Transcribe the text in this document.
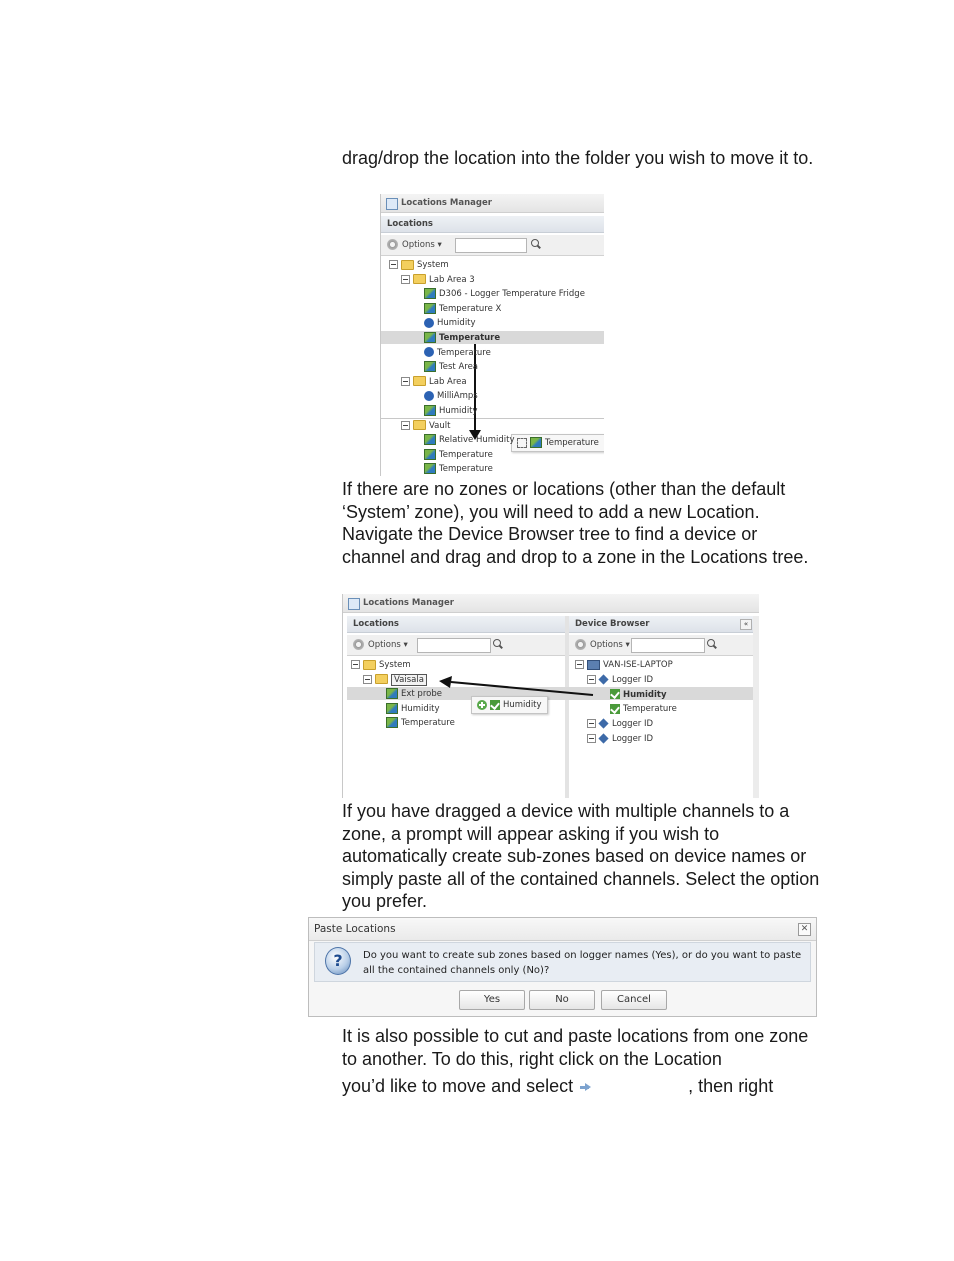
drag/drop the location into the folder you wish to move it to.

Locations Manager
Locations
Options ▾
Temperature
System
Lab Area 3
D306 - Logger Temperature Fridge
Temperature X
Humidity
Temperature
Temperature
Test Area
Lab Area
MilliAmps
Humidity
Vault
Relative Humidity
Temperature
Temperature

If there are no zones or locations (other than the default ‘System’ zone), you will need to add a new Location. Navigate the Device Browser tree to find a device or channel and drag and drop to a zone in the Locations tree.

Locations Manager
Locations
Options ▾
Device Browser	«
Options ▾
Humidity
System
Vaisala
Ext probe
Humidity
Temperature
VAN-ISE-LAPTOP
Logger ID
Humidity
Temperature
Logger ID
Logger ID

If you have dragged a device with multiple channels to a zone, a prompt will appear asking if you wish to automatically create sub-zones based on device names or simply paste all of the contained channels. Select the option you prefer.

Paste Locations	✕
?	Do you want to create sub zones based on logger names (Yes), or do you want to paste all the contained channels only (No)?
Yes	No	Cancel

It is also possible to cut and paste locations from one zone to another. To do this, right click on the Location
you’d like to move and select	, then right
